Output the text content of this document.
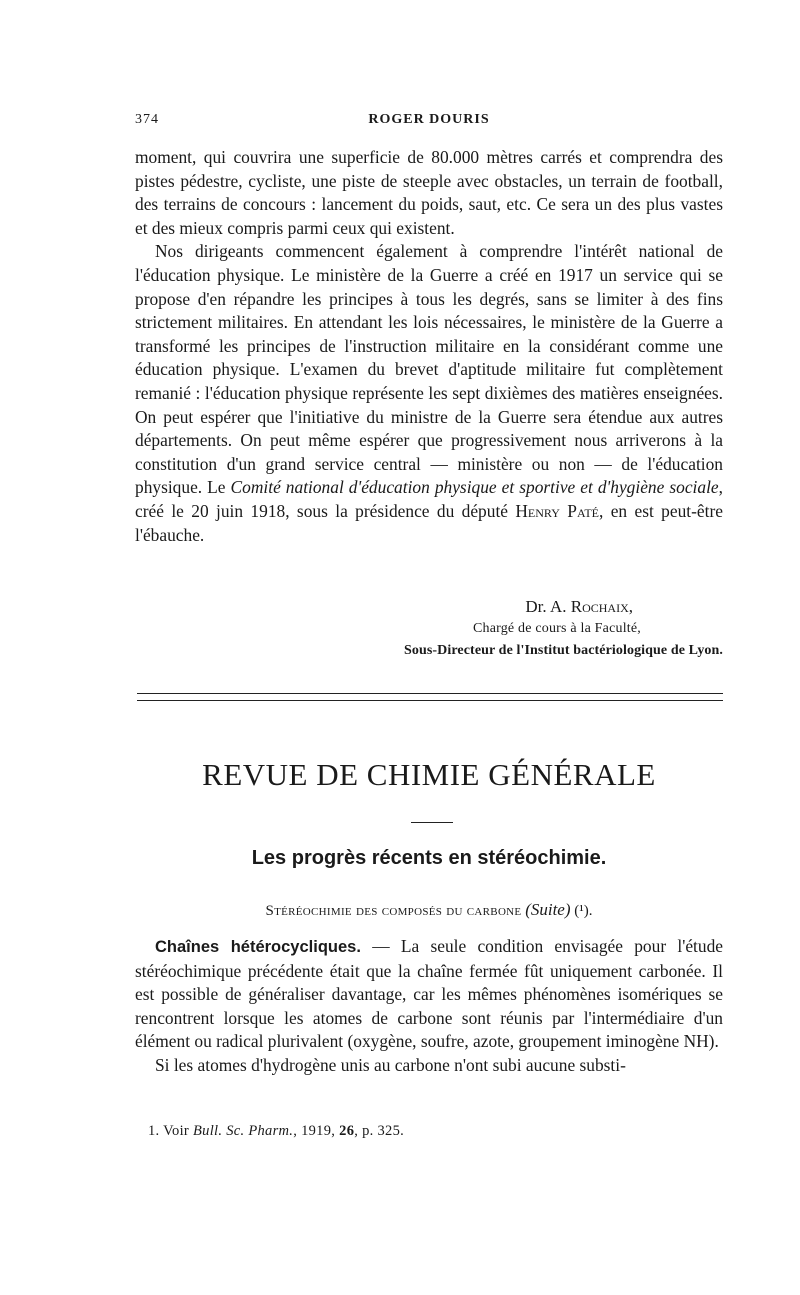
374	ROGER DOURIS

moment, qui couvrira une superficie de 80.000 mètres carrés et comprendra des pistes pédestre, cycliste, une piste de steeple avec obstacles, un terrain de football, des terrains de concours : lancement du poids, saut, etc. Ce sera un des plus vastes et des mieux compris parmi ceux qui existent.

Nos dirigeants commencent également à comprendre l'intérêt national de l'éducation physique. Le ministère de la Guerre a créé en 1917 un service qui se propose d'en répandre les principes à tous les degrés, sans se limiter à des fins strictement militaires. En attendant les lois nécessaires, le ministère de la Guerre a transformé les principes de l'instruction militaire en la considérant comme une éducation physique. L'examen du brevet d'aptitude militaire fut complètement remanié : l'éducation physique représente les sept dixièmes des matières enseignées. On peut espérer que l'initiative du ministre de la Guerre sera étendue aux autres départements. On peut même espérer que progressivement nous arriverons à la constitution d'un grand service central — ministère ou non — de l'éducation physique. Le Comité national d'éducation physique et sportive et d'hygiène sociale, créé le 20 juin 1918, sous la présidence du député Henry Paté, en est peut-être l'ébauche.

Dr. A. Rochaix,
Chargé de cours à la Faculté,
Sous-Directeur de l'Institut bactériologique de Lyon.
REVUE DE CHIMIE GÉNÉRALE
Les progrès récents en stéréochimie.
Stéréochimie des composés du carbone (Suite) (¹).

Chaînes hétérocycliques. — La seule condition envisagée pour l'étude stéréochimique précédente était que la chaîne fermée fût uniquement carbonée. Il est possible de généraliser davantage, car les mêmes phénomènes isomériques se rencontrent lorsque les atomes de carbone sont réunis par l'intermédiaire d'un élément ou radical plurivalent (oxygène, soufre, azote, groupement iminogène NH).

Si les atomes d'hydrogène unis au carbone n'ont subi aucune substi-

1. Voir Bull. Sc. Pharm., 1919, 26, p. 325.
